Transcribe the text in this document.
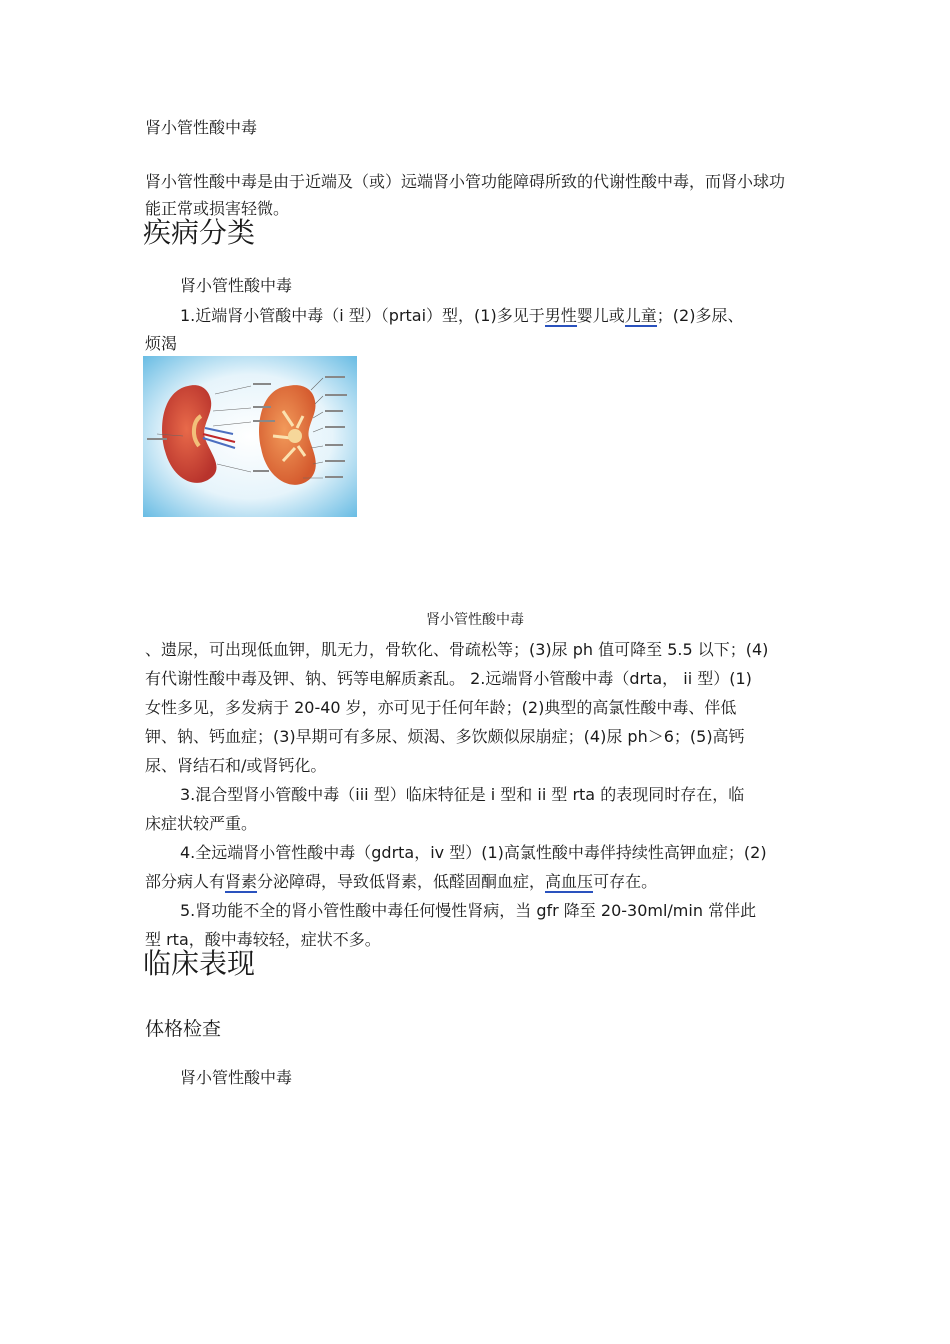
肾小管性酸中毒
肾小管性酸中毒是由于近端及（或）远端肾小管功能障碍所致的代谢性酸中毒，而肾小球功
能正常或损害轻微。
疾病分类
肾小管性酸中毒
1.近端肾小管酸中毒（i 型）（prtai）型，(1)多见于男性婴儿或儿童；(2)多尿、
烦渴
肾小管性酸中毒
、遗尿，可出现低血钾，肌无力，骨软化、骨疏松等；(3)尿 ph 值可降至 5.5 以下；(4)
有代谢性酸中毒及钾、钠、钙等电解质紊乱。 2.远端肾小管酸中毒（drta， ii 型）(1)
女性多见，多发病于 20-40 岁，亦可见于任何年龄；(2)典型的高氯性酸中毒、伴低
钾、钠、钙血症；(3)早期可有多尿、烦渴、多饮颇似尿崩症；(4)尿 ph＞6；(5)高钙
尿、肾结石和/或肾钙化。
3.混合型肾小管酸中毒（iii 型）临床特征是 i 型和 ii 型 rta 的表现同时存在，临
床症状较严重。
4.全远端肾小管性酸中毒（gdrta，iv 型）(1)高氯性酸中毒伴持续性高钾血症；(2)
部分病人有肾素分泌障碍，导致低肾素，低醛固酮血症，高血压可存在。
5.肾功能不全的肾小管性酸中毒任何慢性肾病，当 gfr 降至 20-30ml/min 常伴此
型 rta，酸中毒较轻，症状不多。
临床表现
体格检查
肾小管性酸中毒
